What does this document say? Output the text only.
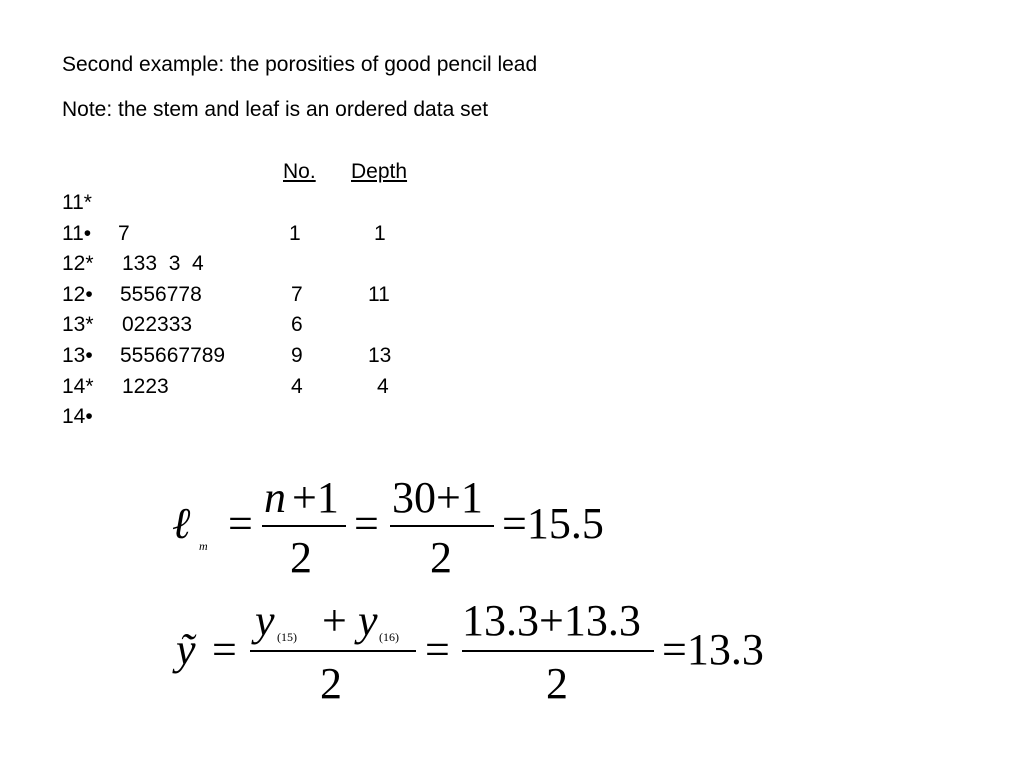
Second example: the porosities of good pencil lead
Note: the stem and leaf is an ordered data set
No. Depth
11*
11• 7	1	1
12* 133  3  4
12• 5556778	7	11
13* 022333	6
13• 555667789	9	13
14* 1223	4	4
14•
ℓ m =
n +1
2
=
30+1
2
=15.5
ỹ =
y (15) + y (16)
2
=
13.3+13.3
2
=13.3
